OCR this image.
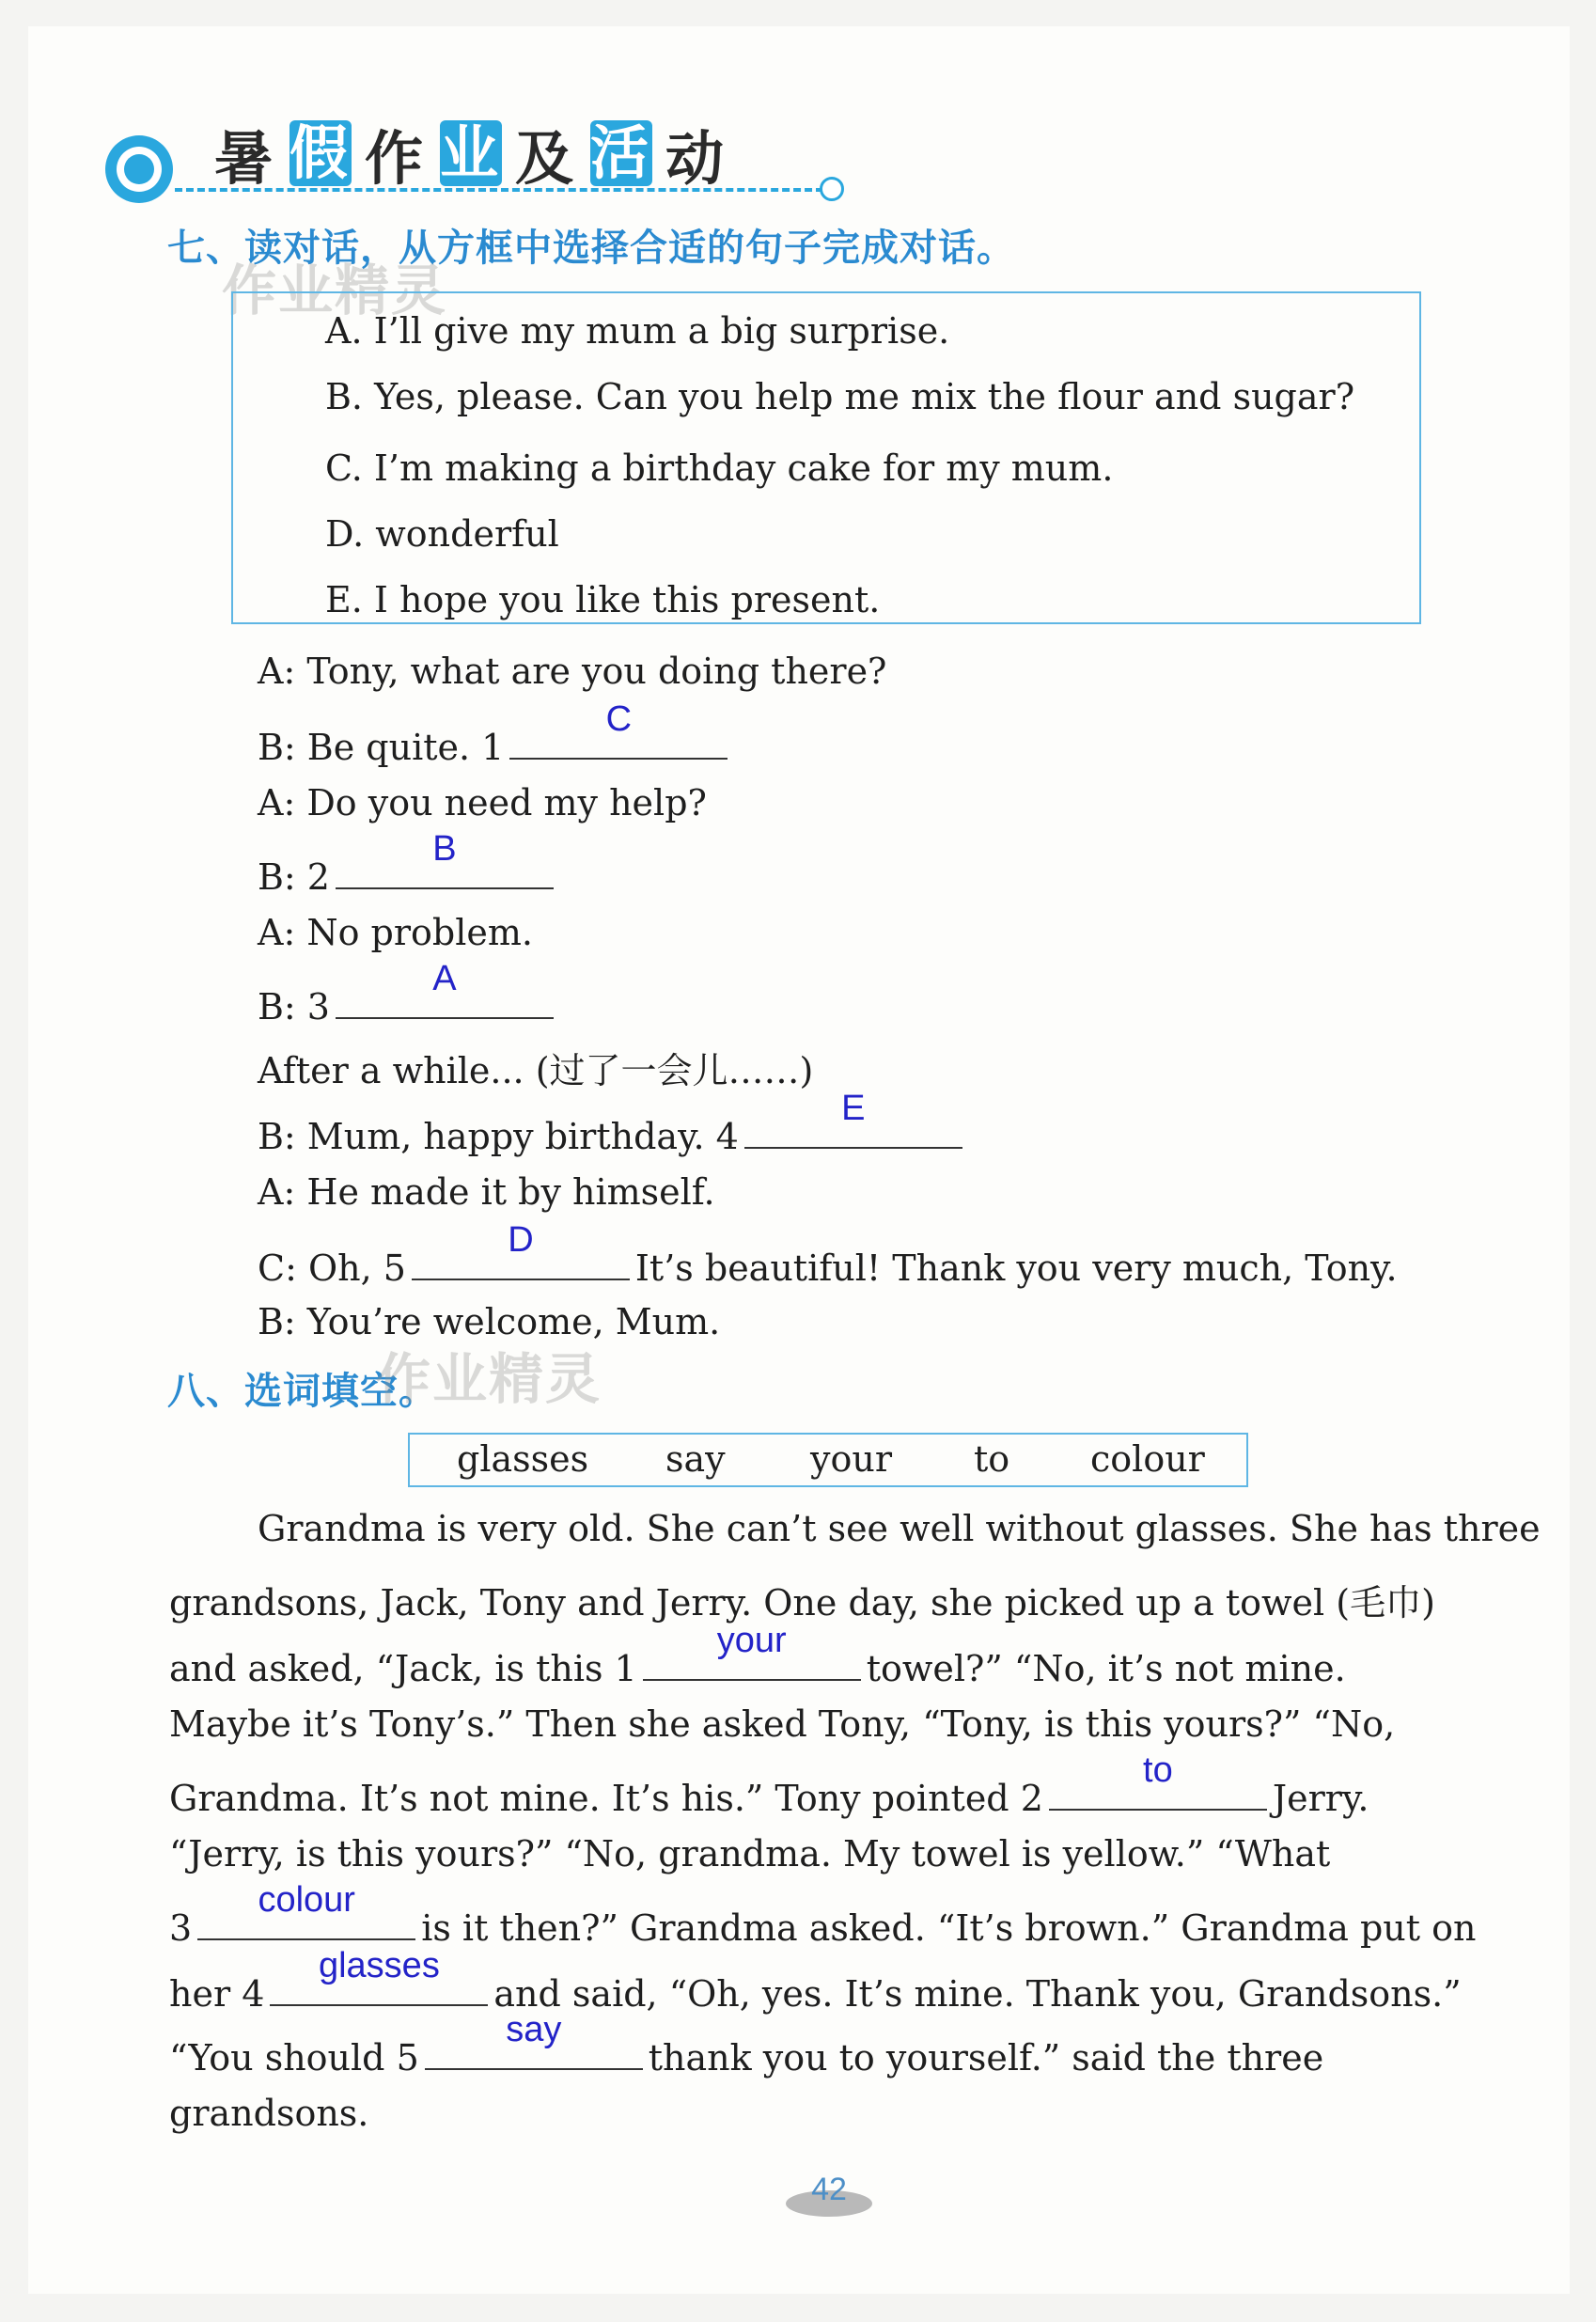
暑 假 作 业 及 活 动
七、读对话，从方框中选择合适的句子完成对话。
作业精灵
A. I’ll give my mum a big surprise.
B. Yes, please. Can you help me mix the flour and sugar?
C. I’m making a birthday cake for my mum.
D. wonderful
E. I hope you like this present.
A: Tony, what are you doing there?
B: Be quite. 1
C
A: Do you need my help?
B: 2
B
A: No problem.
B: 3
A
After a while... (过了一会儿……)
B: Mum, happy birthday. 4
E
A: He made it by himself.
C: Oh, 5
D
It’s beautiful! Thank you very much, Tony.
B: You’re welcome, Mum.
八、选词填空。
作业精灵
glasses say your to colour
Grandma is very old. She can’t see well without glasses. She has three
grandsons, Jack, Tony and Jerry. One day, she picked up a towel (毛巾)
and asked, “Jack, is this 1
your
towel?” “No, it’s not mine.
Maybe it’s Tony’s.” Then she asked Tony, “Tony, is this yours?” “No,
Grandma. It’s not mine. It’s his.” Tony pointed 2
to
Jerry.
“Jerry, is this yours?” “No, grandma. My towel is yellow.” “What
3
colour
is it then?” Grandma asked. “It’s brown.” Grandma put on
her 4
glasses
and said, “Oh, yes. It’s mine. Thank you, Grandsons.”
“You should 5
say
thank you to yourself.” said the three
grandsons.
42
